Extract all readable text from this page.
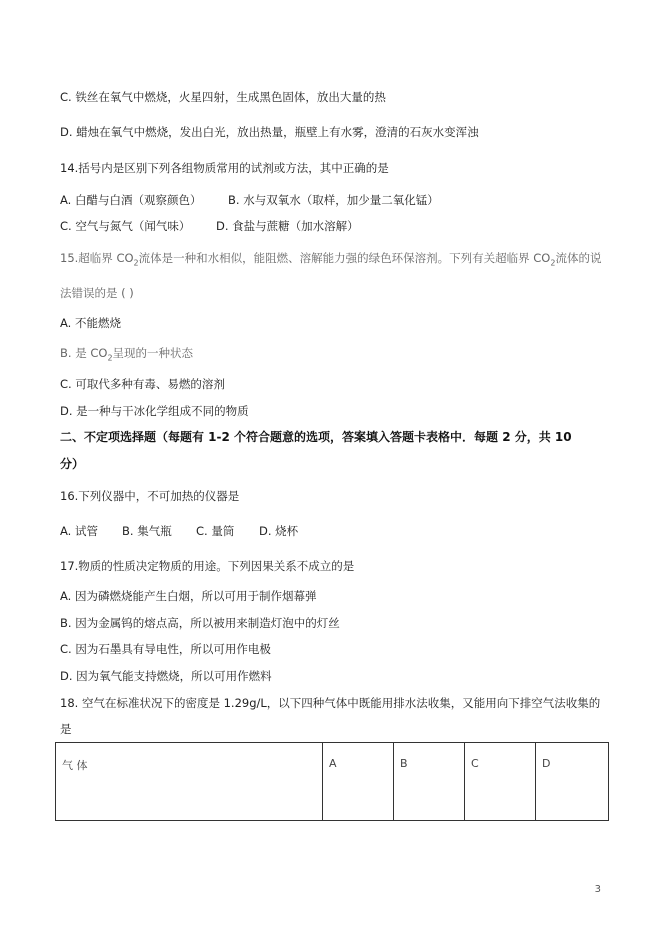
C. 铁丝在氧气中燃烧，火星四射，生成黑色固体，放出大量的热
D. 蜡烛在氧气中燃烧，发出白光，放出热量，瓶壁上有水雾，澄清的石灰水变浑浊
14.括号内是区别下列各组物质常用的试剂或方法，其中正确的是
A. 白醋与白酒（观察颜色） B. 水与双氧水（取样，加少量二氧化锰）
C. 空气与氮气（闻气味） D. 食盐与蔗糖（加水溶解）
15.超临界 $CO_2$流体是一种和水相似，能阻燃、溶解能力强的绿色环保溶剂。下列有关超临界 $CO_2$流体的说
法错误的是 ( )
A. 不能燃烧
B. 是 $CO_2$呈现的一种状态
C. 可取代多种有毒、易燃的溶剂
D. 是一种与干冰化学组成不同的物质
二、不定项选择题（每题有 1-2 个符合题意的选项，答案填入答题卡表格中．每题 2 分，共 10
分）
16.下列仪器中，不可加热的仪器是
A. 试管 B. 集气瓶 C. 量筒 D. 烧杯
17.物质的性质决定物质的用途。下列因果关系不成立的是
A. 因为磷燃烧能产生白烟，所以可用于制作烟幕弹
B. 因为金属钨的熔点高，所以被用来制造灯泡中的灯丝
C. 因为石墨具有导电性，所以可用作电极
D. 因为氧气能支持燃烧，所以可用作燃料
18. 空气在标准状况下的密度是 1.29g/L，以下四种气体中既能用排水法收集，又能用向下排空气法收集的
是
气 体	A	B	C	D
3
